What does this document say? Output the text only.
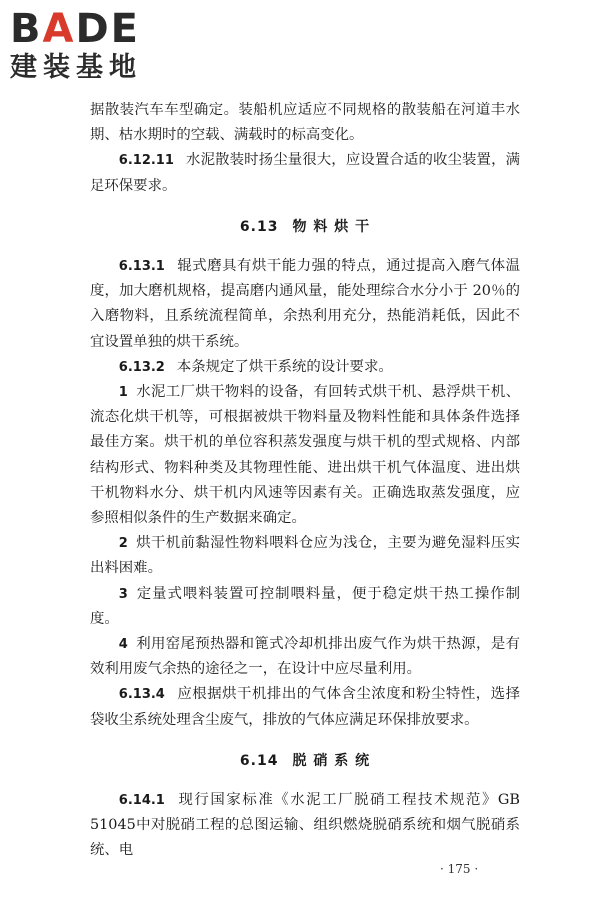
BADE
建装基地

据散装汽车车型确定。装船机应适应不同规格的散装船在河道丰水期、枯水期时的空载、满载时的标高变化。

6.12.11 水泥散装时扬尘量很大，应设置合适的收尘装置，满足环保要求。

6.13 物 料 烘 干

6.13.1 辊式磨具有烘干能力强的特点，通过提高入磨气体温度，加大磨机规格，提高磨内通风量，能处理综合水分小于 20％的入磨物料，且系统流程简单，余热利用充分，热能消耗低，因此不宜设置单独的烘干系统。

6.13.2 本条规定了烘干系统的设计要求。

1 水泥工厂烘干物料的设备，有回转式烘干机、悬浮烘干机、流态化烘干机等，可根据被烘干物料量及物料性能和具体条件选择最佳方案。烘干机的单位容积蒸发强度与烘干机的型式规格、内部结构形式、物料种类及其物理性能、进出烘干机气体温度、进出烘干机物料水分、烘干机内风速等因素有关。正确选取蒸发强度，应参照相似条件的生产数据来确定。

2 烘干机前黏湿性物料喂料仓应为浅仓，主要为避免湿料压实出料困难。

3 定量式喂料装置可控制喂料量，便于稳定烘干热工操作制度。

4 利用窑尾预热器和篦式冷却机排出废气作为烘干热源，是有效利用废气余热的途径之一，在设计中应尽量利用。

6.13.4 应根据烘干机排出的气体含尘浓度和粉尘特性，选择袋收尘系统处理含尘废气，排放的气体应满足环保排放要求。

6.14 脱 硝 系 统

6.14.1 现行国家标准《水泥工厂脱硝工程技术规范》GB 51045中对脱硝工程的总图运输、组织燃烧脱硝系统和烟气脱硝系统、电

· 175 ·
